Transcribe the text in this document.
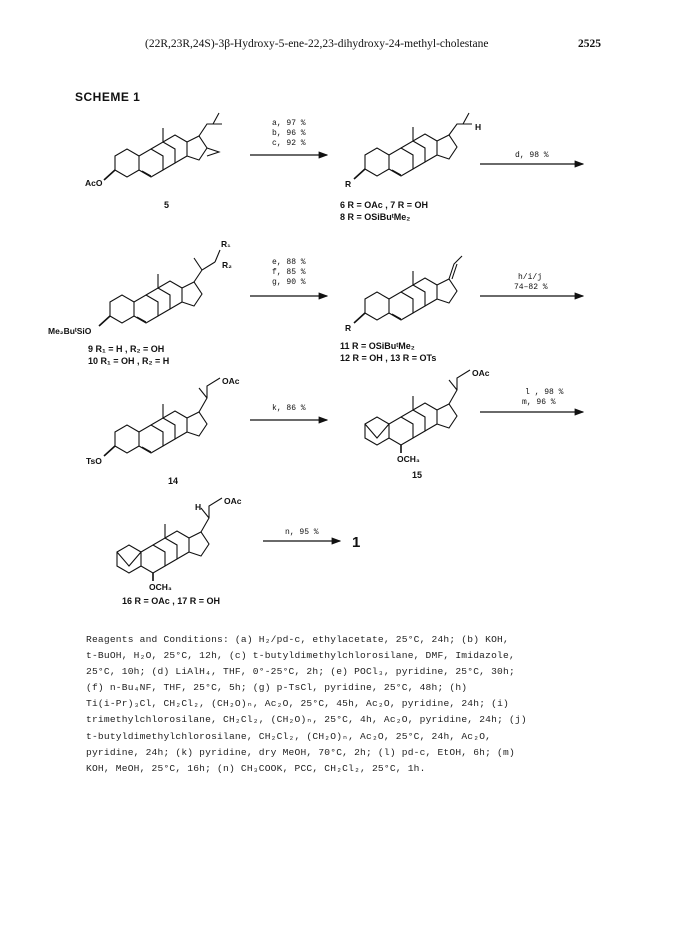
(22R,23R,24S)-3β-Hydroxy-5-ene-22,23-dihydroxy-24-methyl-cholestane	2525
SCHEME 1
AcO
5
a, 97 %
b, 96 %
c, 92 %
H
R
6 R = OAc , 7 R = OH
8 R = OSiBuᵗMe₂
d, 98 %
R₁
R₂
Me₂BuᵗSiO
9 R₁ = H , R₂ = OH
10 R₁ = OH , R₂ = H
e, 88 %
f, 85 %
g, 90 %
R
11 R = OSiBuᵗMe₂
12 R = OH , 13 R = OTs
h/i/j
74–82 %
OAc
TsO
14
k, 86 %
OAc
OCH₃
15
l , 98 %
m, 96 %
H
OAc
OCH₃
16 R = OAc , 17 R = OH
n, 95 %
1
Reagents and Conditions: (a) H₂/pd-c, ethylacetate, 25°C, 24h; (b) KOH,
t-BuOH, H₂O, 25°C, 12h, (c) t-butyldimethylchlorosilane, DMF, Imidazole,
25°C, 10h; (d) LiAlH₄, THF, 0°-25°C, 2h; (e) POCl₃, pyridine, 25°C, 30h;
(f) n-Bu₄NF, THF, 25°C, 5h; (g) p-TsCl, pyridine, 25°C, 48h; (h)
Ti(i-Pr)₃Cl, CH₂Cl₂, (CH₂O)ₙ, Ac₂O, 25°C, 45h, Ac₂O, pyridine, 24h; (i)
trimethylchlorosilane, CH₂Cl₂, (CH₂O)ₙ, 25°C, 4h, Ac₂O, pyridine, 24h; (j)
t-butyldimethylchlorosilane, CH₂Cl₂, (CH₂O)ₙ, Ac₂O, 25°C, 24h, Ac₂O,
pyridine, 24h; (k) pyridine, dry MeOH, 70°C, 2h; (l) pd-c, EtOH, 6h; (m)
KOH, MeOH, 25°C, 16h; (n) CH₃COOK, PCC, CH₂Cl₂, 25°C, 1h.
